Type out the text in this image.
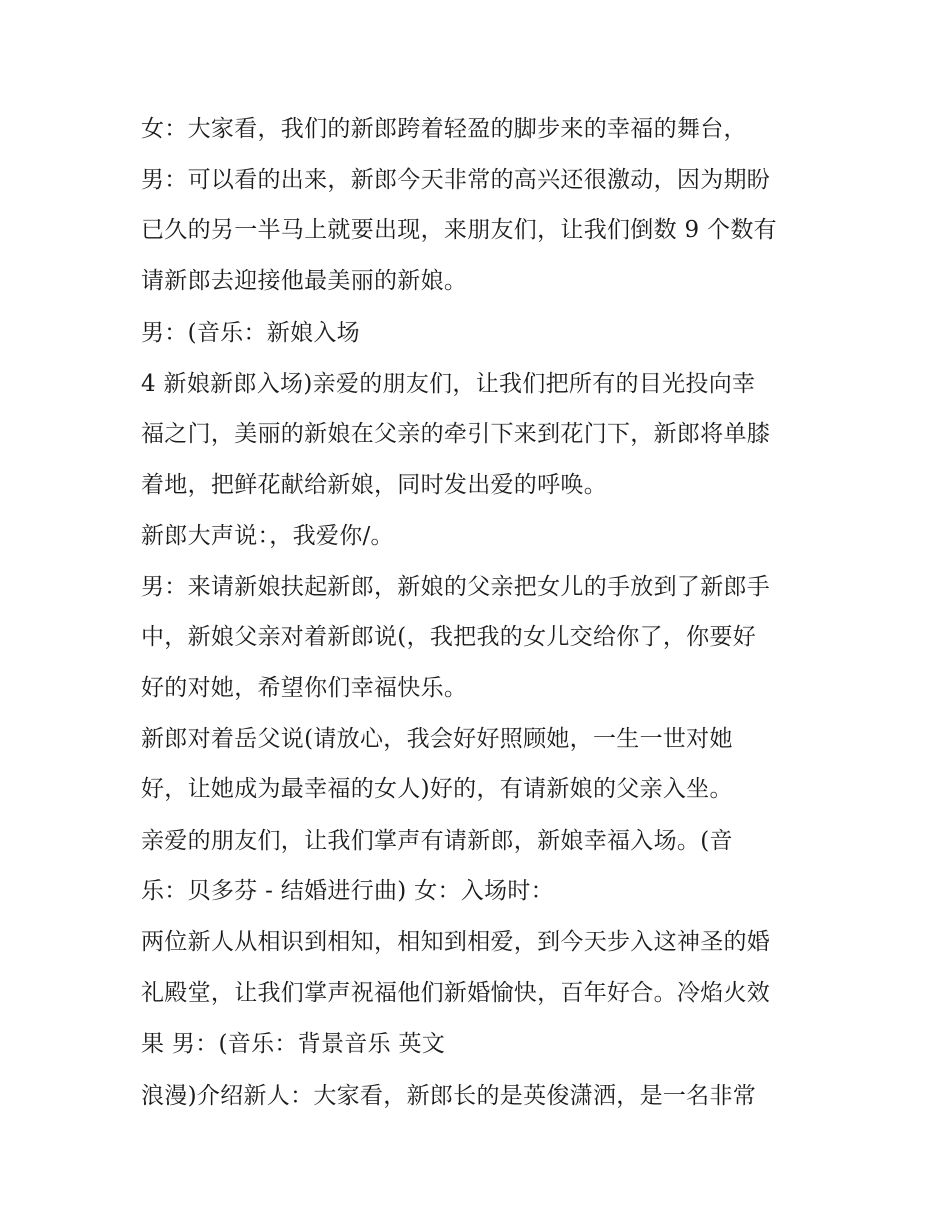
女：大家看，我们的新郎跨着轻盈的脚步来的幸福的舞台，

男：可以看的出来，新郎今天非常的高兴还很激动，因为期盼

已久的另一半马上就要出现，来朋友们，让我们倒数 9 个数有

请新郎去迎接他最美丽的新娘。

男：(音乐：新娘入场

4 新娘新郎入场)亲爱的朋友们，让我们把所有的目光投向幸

福之门，美丽的新娘在父亲的牵引下来到花门下，新郎将单膝

着地，把鲜花献给新娘，同时发出爱的呼唤。

新郎大声说：，我爱你/。

男：来请新娘扶起新郎，新娘的父亲把女儿的手放到了新郎手

中，新娘父亲对着新郎说(，我把我的女儿交给你了，你要好

好的对她，希望你们幸福快乐。

新郎对着岳父说(请放心，我会好好照顾她，一生一世对她

好，让她成为最幸福的女人)好的，有请新娘的父亲入坐。

亲爱的朋友们，让我们掌声有请新郎，新娘幸福入场。(音

乐：贝多芬 - 结婚进行曲) 女：入场时：

两位新人从相识到相知，相知到相爱，到今天步入这神圣的婚

礼殿堂，让我们掌声祝福他们新婚愉快，百年好合。冷焰火效

果 男：(音乐：背景音乐 英文

浪漫)介绍新人：大家看，新郎长的是英俊潇洒，是一名非常
